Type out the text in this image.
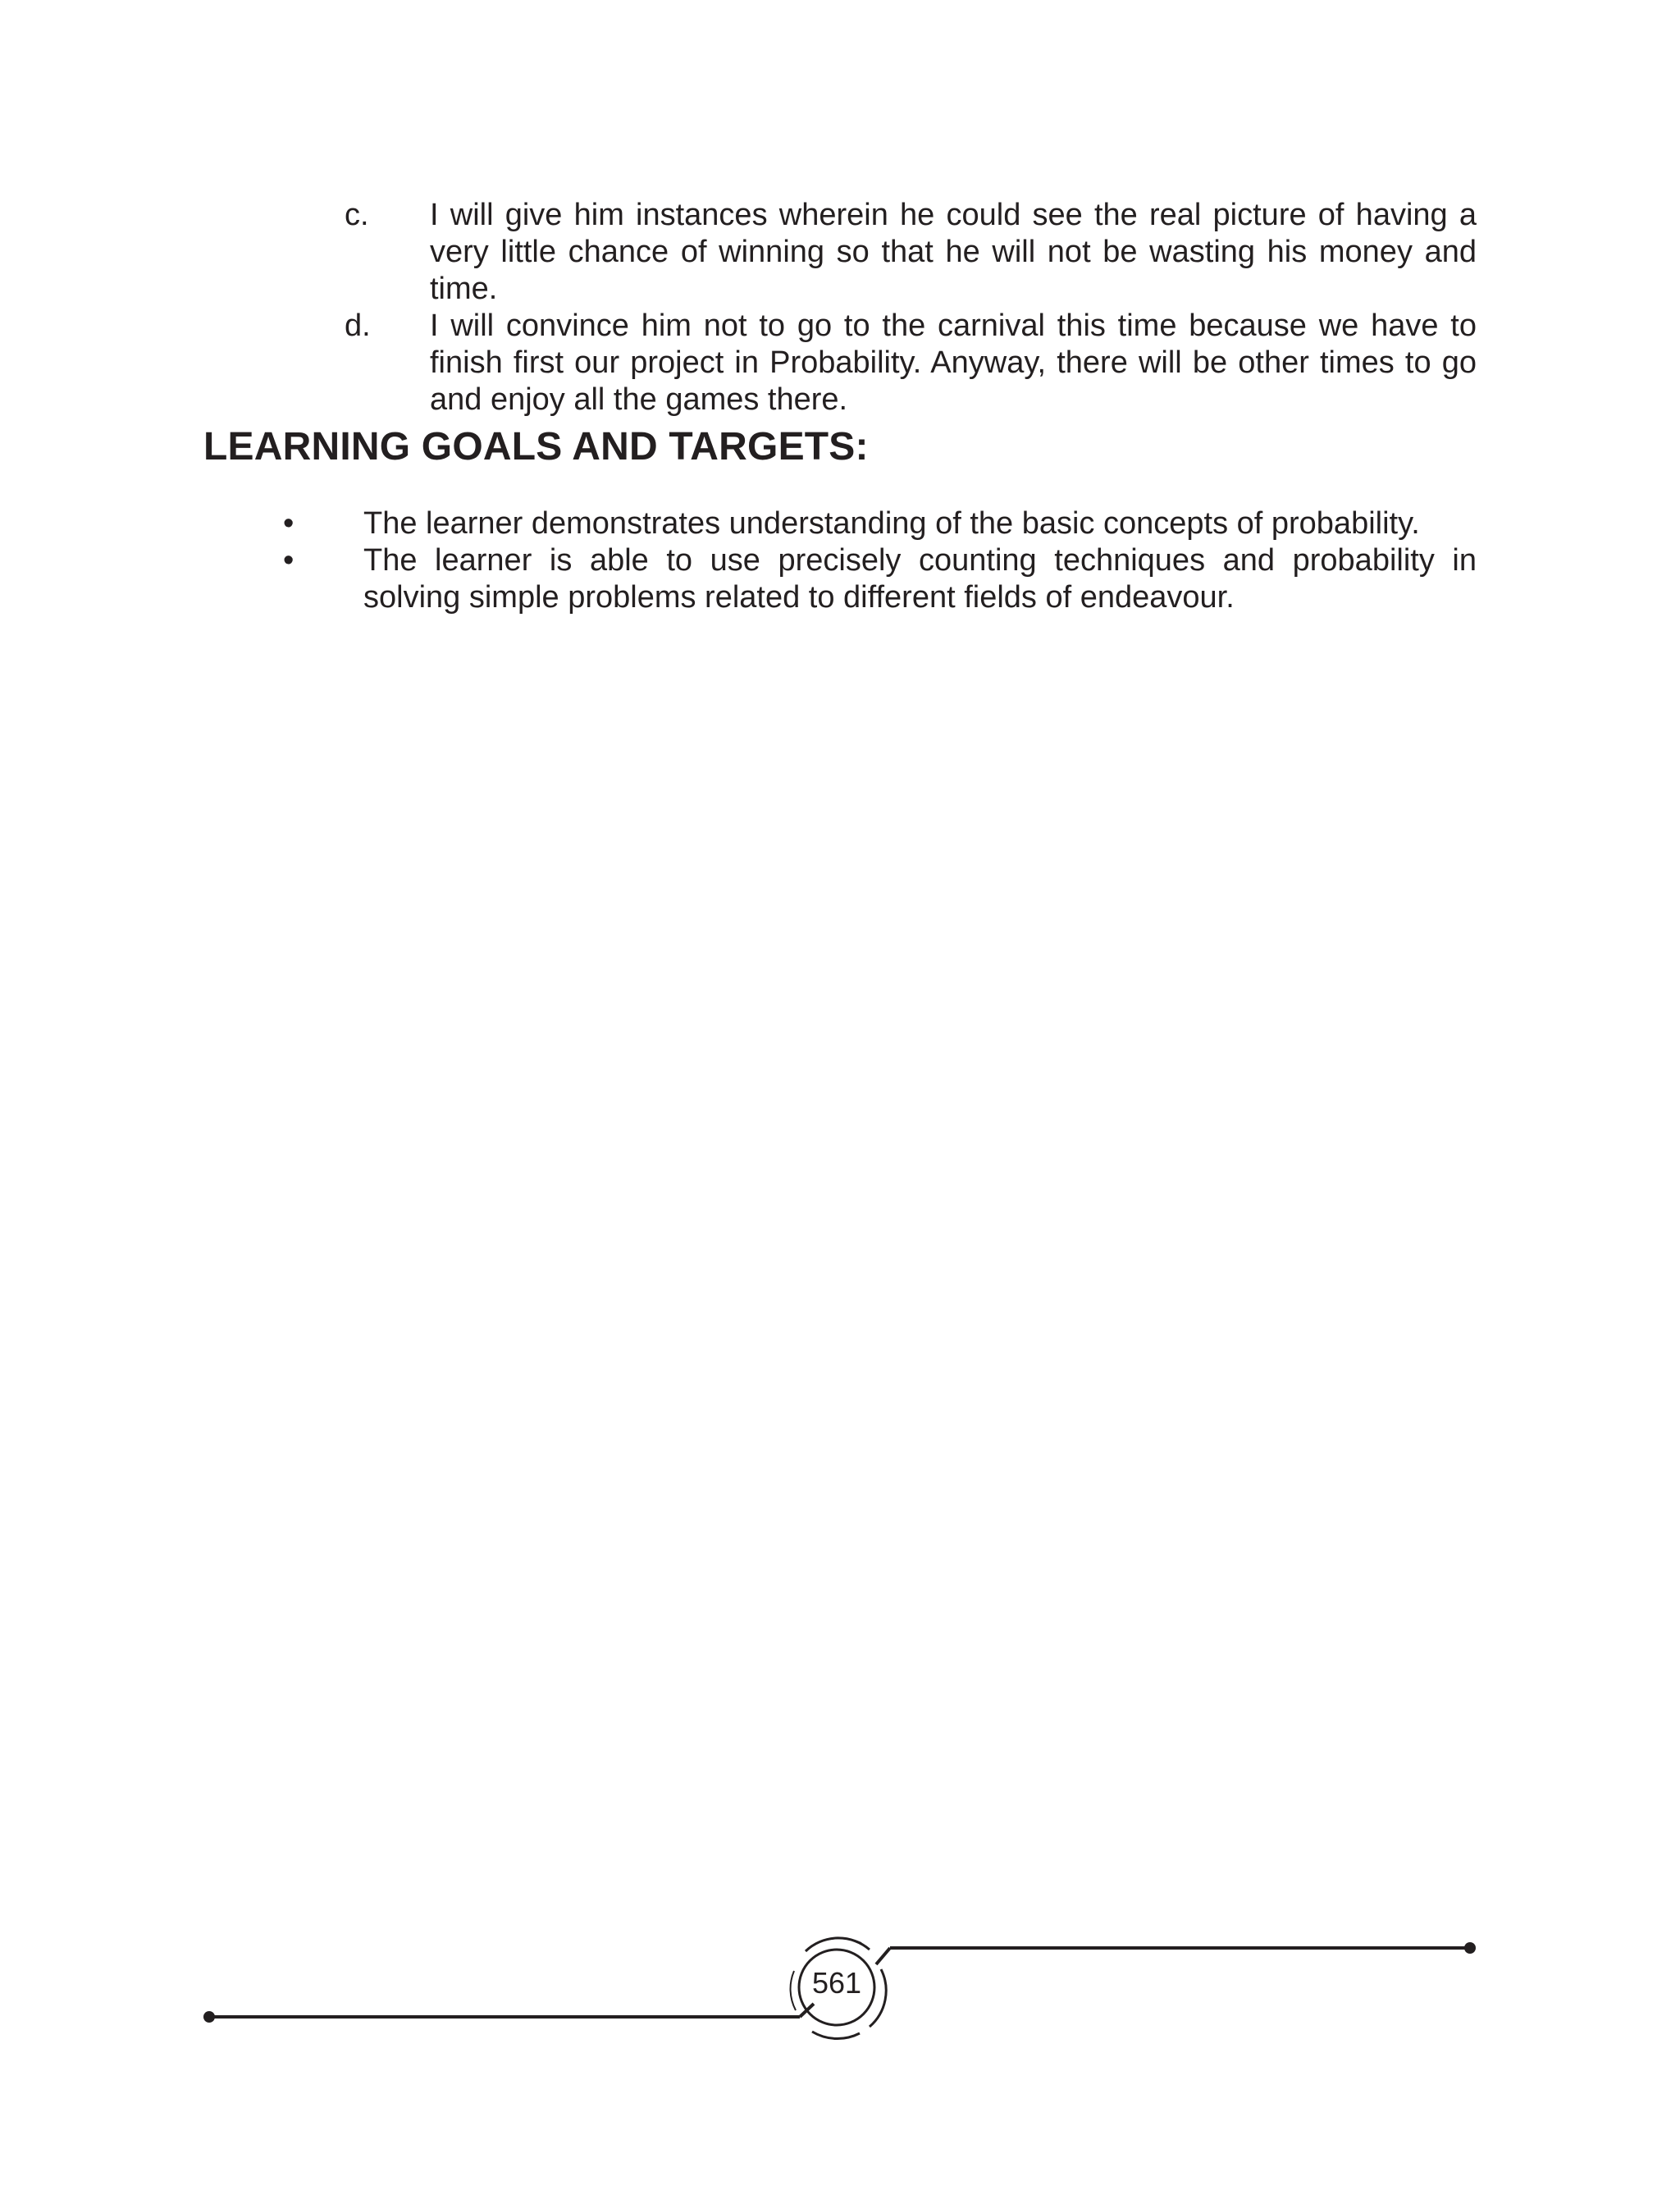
c.	I will give him instances wherein he could see the real picture of having a very little chance of winning so that he will not be wasting his money and time.
d.	I will convince him not to go to the carnival this time because we have to finish first our project in Probability. Anyway, there will be other times to go and enjoy all the games there.
LEARNING GOALS AND TARGETS:
•	The learner demonstrates understanding of the basic concepts of probability.
•	The learner is able to use precisely counting techniques and probability in solving simple problems related to different fields of endeavour.
561
